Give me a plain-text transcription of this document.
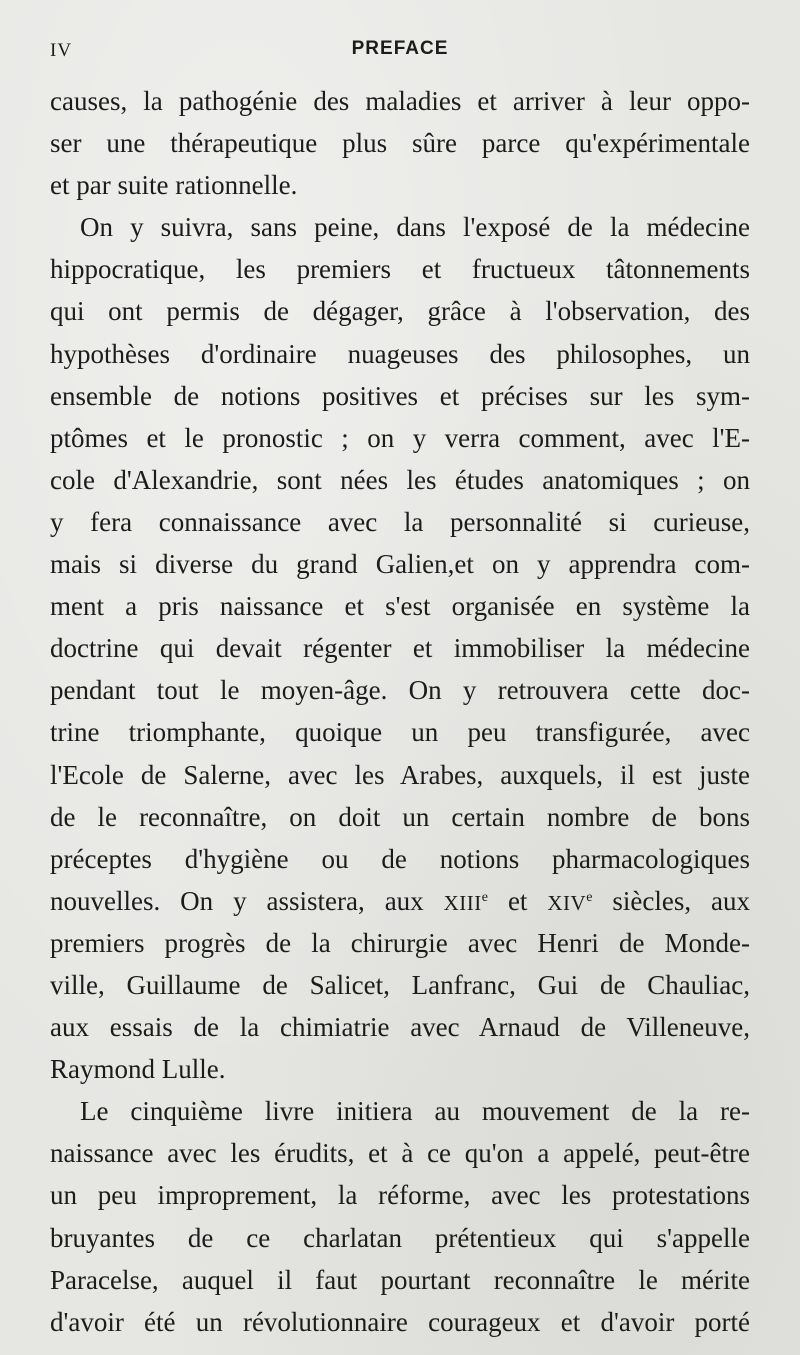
IV	PREFACE
causes, la pathogénie des maladies et arriver à leur oppo-
ser une thérapeutique plus sûre parce qu'expérimentale
et par suite rationnelle.
On y suivra, sans peine, dans l'exposé de la médecine
hippocratique, les premiers et fructueux tâtonnements
qui ont permis de dégager, grâce à l'observation, des
hypothèses d'ordinaire nuageuses des philosophes, un
ensemble de notions positives et précises sur les sym-
ptômes et le pronostic ; on y verra comment, avec l'E-
cole d'Alexandrie, sont nées les études anatomiques ; on
y fera connaissance avec la personnalité si curieuse,
mais si diverse du grand Galien,et on y apprendra com-
ment a pris naissance et s'est organisée en système la
doctrine qui devait régenter et immobiliser la médecine
pendant tout le moyen-âge. On y retrouvera cette doc-
trine triomphante, quoique un peu transfigurée, avec
l'Ecole de Salerne, avec les Arabes, auxquels, il est juste
de le reconnaître, on doit un certain nombre de bons
préceptes d'hygiène ou de notions pharmacologiques
nouvelles. On y assistera, aux XIIIe et XIVe siècles, aux
premiers progrès de la chirurgie avec Henri de Monde-
ville, Guillaume de Salicet, Lanfranc, Gui de Chauliac,
aux essais de la chimiatrie avec Arnaud de Villeneuve,
Raymond Lulle.
Le cinquième livre initiera au mouvement de la re-
naissance avec les érudits, et à ce qu'on a appelé, peut-être
un peu improprement, la réforme, avec les protestations
bruyantes de ce charlatan prétentieux qui s'appelle
Paracelse, auquel il faut pourtant reconnaître le mérite
d'avoir été un révolutionnaire courageux et d'avoir porté
